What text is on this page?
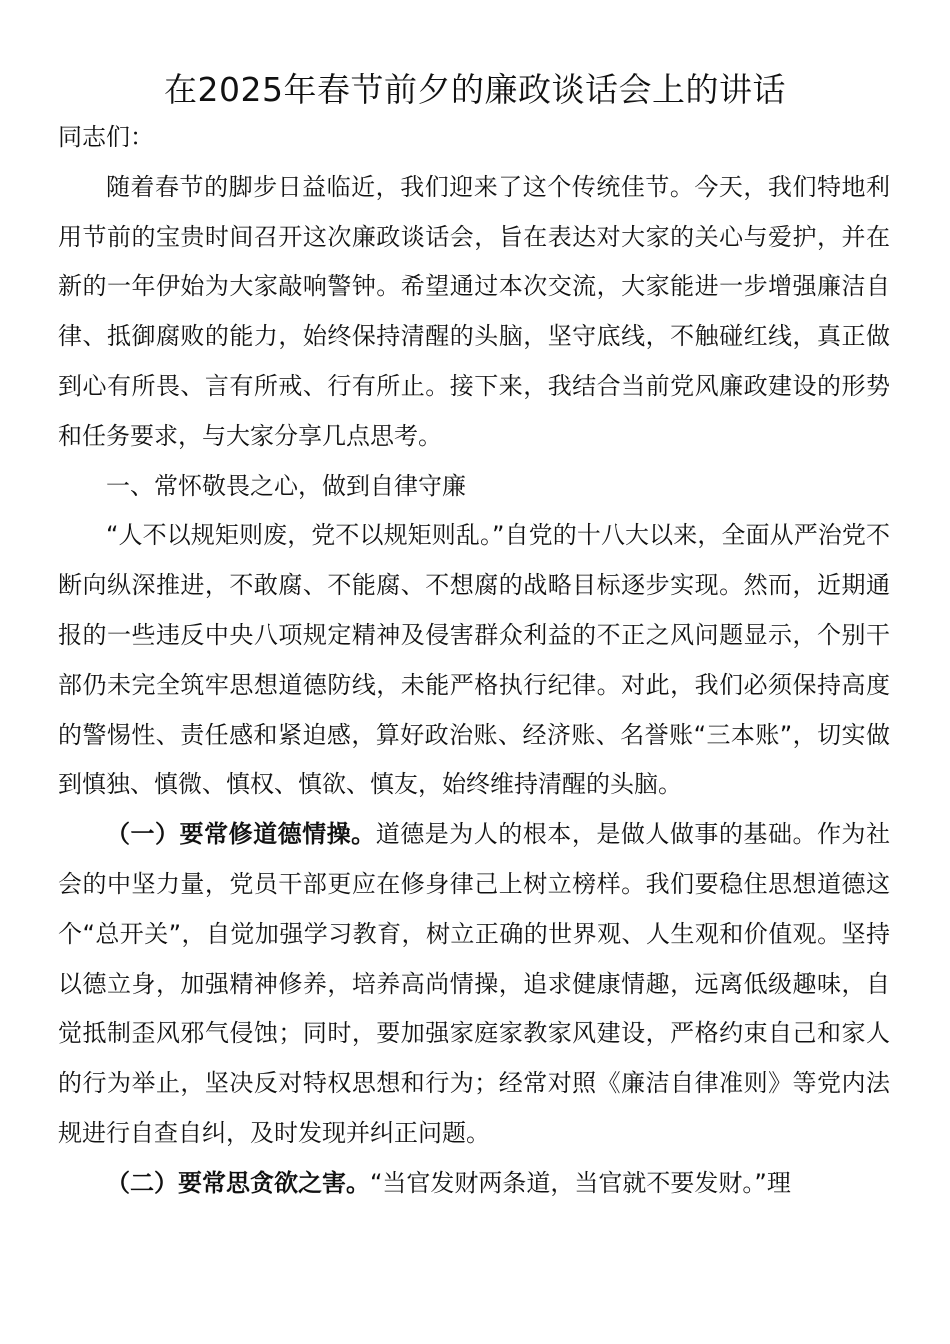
在2025年春节前夕的廉政谈话会上的讲话

同志们：

随着春节的脚步日益临近，我们迎来了这个传统佳节。今天，我们特地利用节前的宝贵时间召开这次廉政谈话会，旨在表达对大家的关心与爱护，并在新的一年伊始为大家敲响警钟。希望通过本次交流，大家能进一步增强廉洁自律、抵御腐败的能力，始终保持清醒的头脑，坚守底线，不触碰红线，真正做到心有所畏、言有所戒、行有所止。接下来，我结合当前党风廉政建设的形势和任务要求，与大家分享几点思考。

一、常怀敬畏之心，做到自律守廉

“人不以规矩则废，党不以规矩则乱。”自党的十八大以来，全面从严治党不断向纵深推进，不敢腐、不能腐、不想腐的战略目标逐步实现。然而，近期通报的一些违反中央八项规定精神及侵害群众利益的不正之风问题显示，个别干部仍未完全筑牢思想道德防线，未能严格执行纪律。对此，我们必须保持高度的警惕性、责任感和紧迫感，算好政治账、经济账、名誉账“三本账”，切实做到慎独、慎微、慎权、慎欲、慎友，始终维持清醒的头脑。

（一）要常修道德情操。道德是为人的根本，是做人做事的基础。作为社会的中坚力量，党员干部更应在修身律己上树立榜样。我们要稳住思想道德这个“总开关”，自觉加强学习教育，树立正确的世界观、人生观和价值观。坚持以德立身，加强精神修养，培养高尚情操，追求健康情趣，远离低级趣味，自觉抵制歪风邪气侵蚀；同时，要加强家庭家教家风建设，严格约束自己和家人的行为举止，坚决反对特权思想和行为；经常对照《廉洁自律准则》等党内法规进行自查自纠，及时发现并纠正问题。

（二）要常思贪欲之害。“当官发财两条道，当官就不要发财。”理
